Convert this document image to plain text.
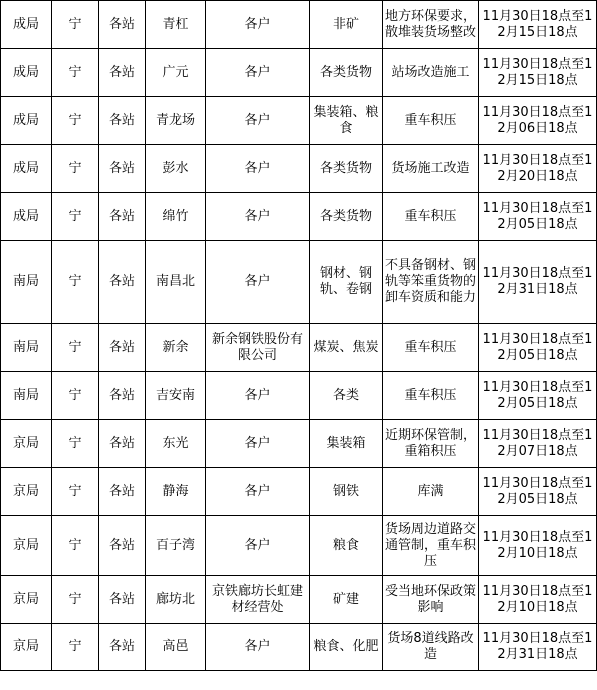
成局	宁	各站	青杠	各户	非矿	地方环保要求，散堆装货场整改	11月30日18点至12月15日18点
成局	宁	各站	广元	各户	各类货物	站场改造施工	11月30日18点至12月15日18点
成局	宁	各站	青龙场	各户	集装箱、粮食	重车积压	11月30日18点至12月06日18点
成局	宁	各站	彭水	各户	各类货物	货场施工改造	11月30日18点至12月20日18点
成局	宁	各站	绵竹	各户	各类货物	重车积压	11月30日18点至12月05日18点
南局	宁	各站	南昌北	各户	钢材、钢轨、卷钢	不具备钢材、钢轨等笨重货物的卸车资质和能力	11月30日18点至12月31日18点
南局	宁	各站	新余	新余钢铁股份有限公司	煤炭、焦炭	重车积压	11月30日18点至12月05日18点
南局	宁	各站	吉安南	各户	各类	重车积压	11月30日18点至12月05日18点
京局	宁	各站	东光	各户	集装箱	近期环保管制，重箱积压	11月30日18点至12月07日18点
京局	宁	各站	静海	各户	钢铁	库满	11月30日18点至12月05日18点
京局	宁	各站	百子湾	各户	粮食	货场周边道路交通管制，重车积压	11月30日18点至12月10日18点
京局	宁	各站	廊坊北	京铁廊坊长虹建材经营处	矿建	受当地环保政策影响	11月30日18点至12月10日18点
京局	宁	各站	高邑	各户	粮食、化肥	货场8道线路改造	11月30日18点至12月31日18点
